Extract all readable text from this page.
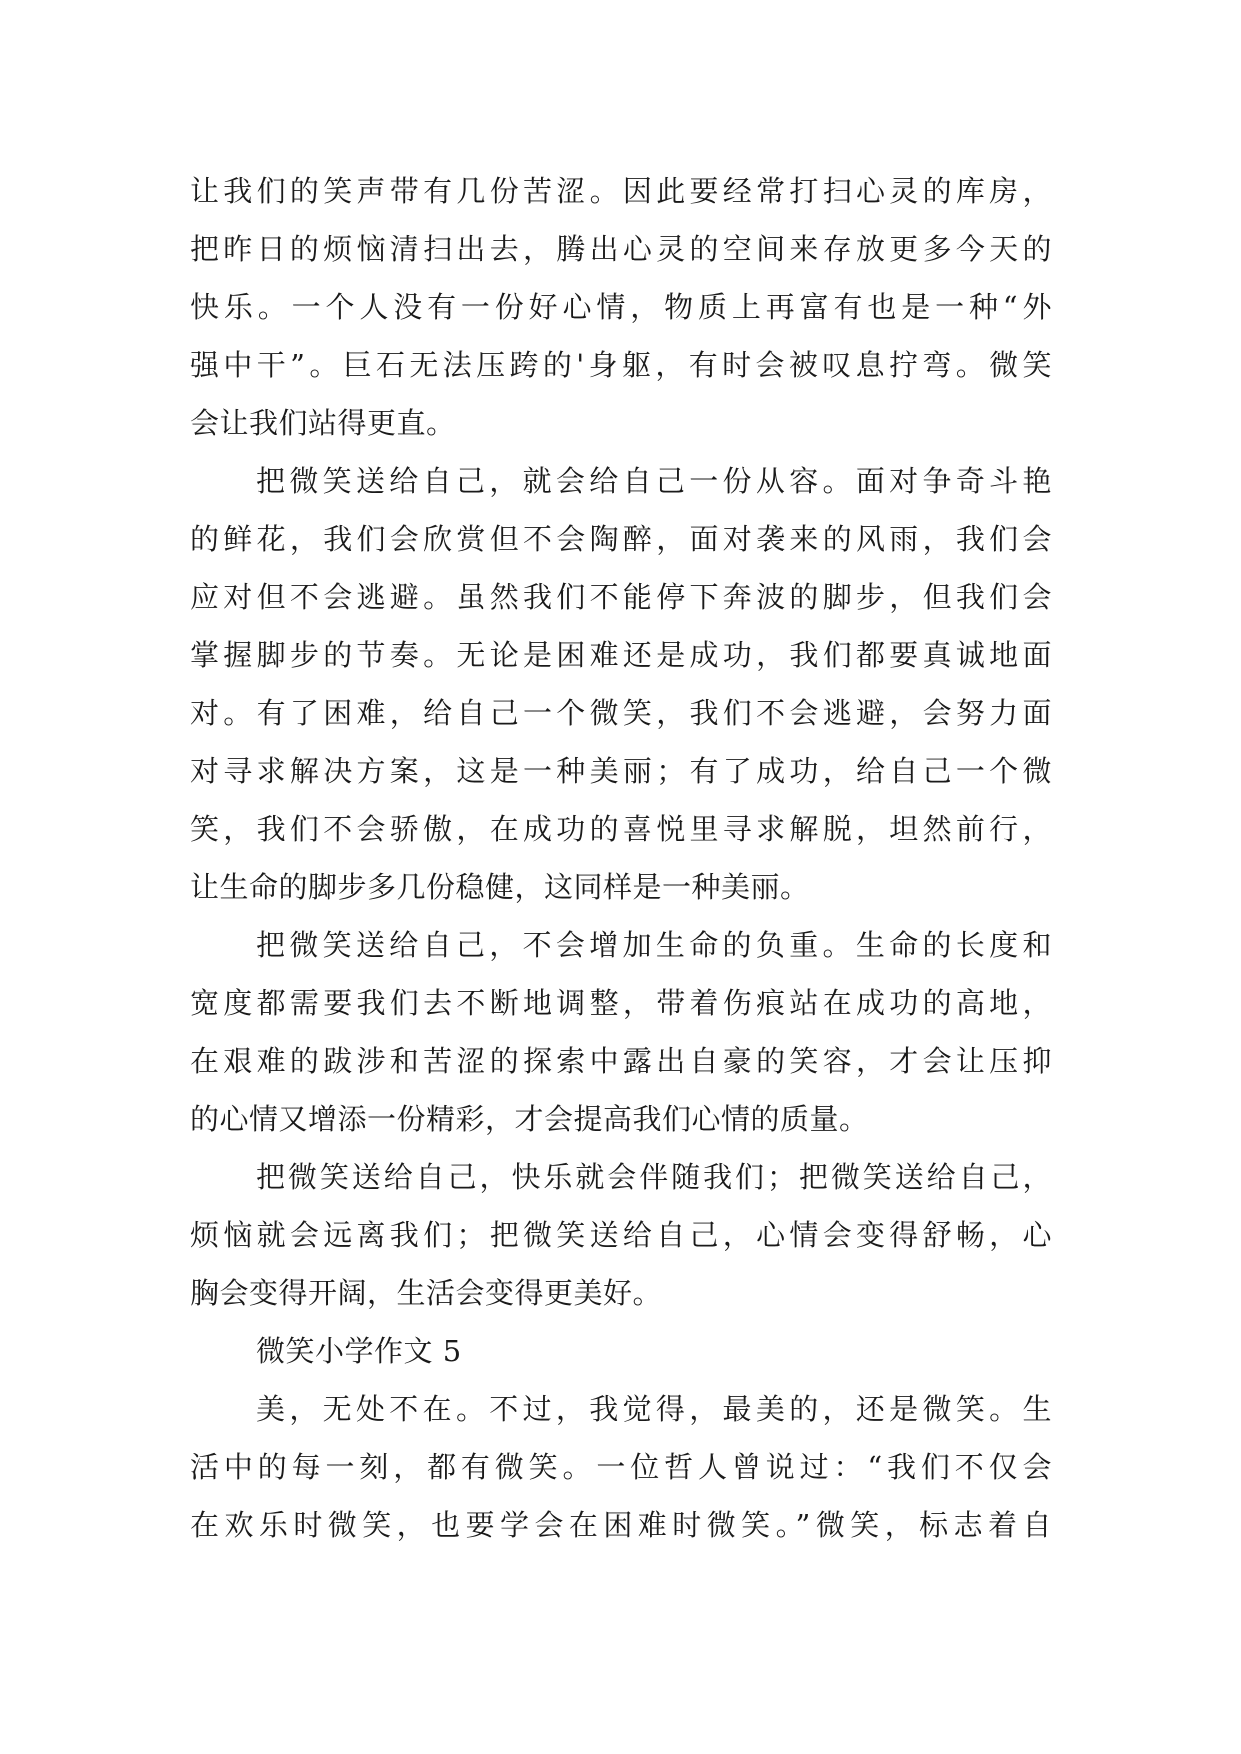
让我们的笑声带有几份苦涩。因此要经常打扫心灵的库房，
把昨日的烦恼清扫出去，腾出心灵的空间来存放更多今天的
快乐。一个人没有一份好心情，物质上再富有也是一种“外
强中干”。巨石无法压跨的'身躯，有时会被叹息拧弯。微笑
会让我们站得更直。
把微笑送给自己，就会给自己一份从容。面对争奇斗艳
的鲜花，我们会欣赏但不会陶醉，面对袭来的风雨，我们会
应对但不会逃避。虽然我们不能停下奔波的脚步，但我们会
掌握脚步的节奏。无论是困难还是成功，我们都要真诚地面
对。有了困难，给自己一个微笑，我们不会逃避，会努力面
对寻求解决方案，这是一种美丽；有了成功，给自己一个微
笑，我们不会骄傲，在成功的喜悦里寻求解脱，坦然前行，
让生命的脚步多几份稳健，这同样是一种美丽。
把微笑送给自己，不会增加生命的负重。生命的长度和
宽度都需要我们去不断地调整，带着伤痕站在成功的高地，
在艰难的跋涉和苦涩的探索中露出自豪的笑容，才会让压抑
的心情又增添一份精彩，才会提高我们心情的质量。
把微笑送给自己，快乐就会伴随我们；把微笑送给自己，
烦恼就会远离我们；把微笑送给自己，心情会变得舒畅，心
胸会变得开阔，生活会变得更美好。
微笑小学作文 5
美，无处不在。不过，我觉得，最美的，还是微笑。生
活中的每一刻，都有微笑。一位哲人曾说过：“我们不仅会
在欢乐时微笑，也要学会在困难时微笑。”微笑，标志着自
